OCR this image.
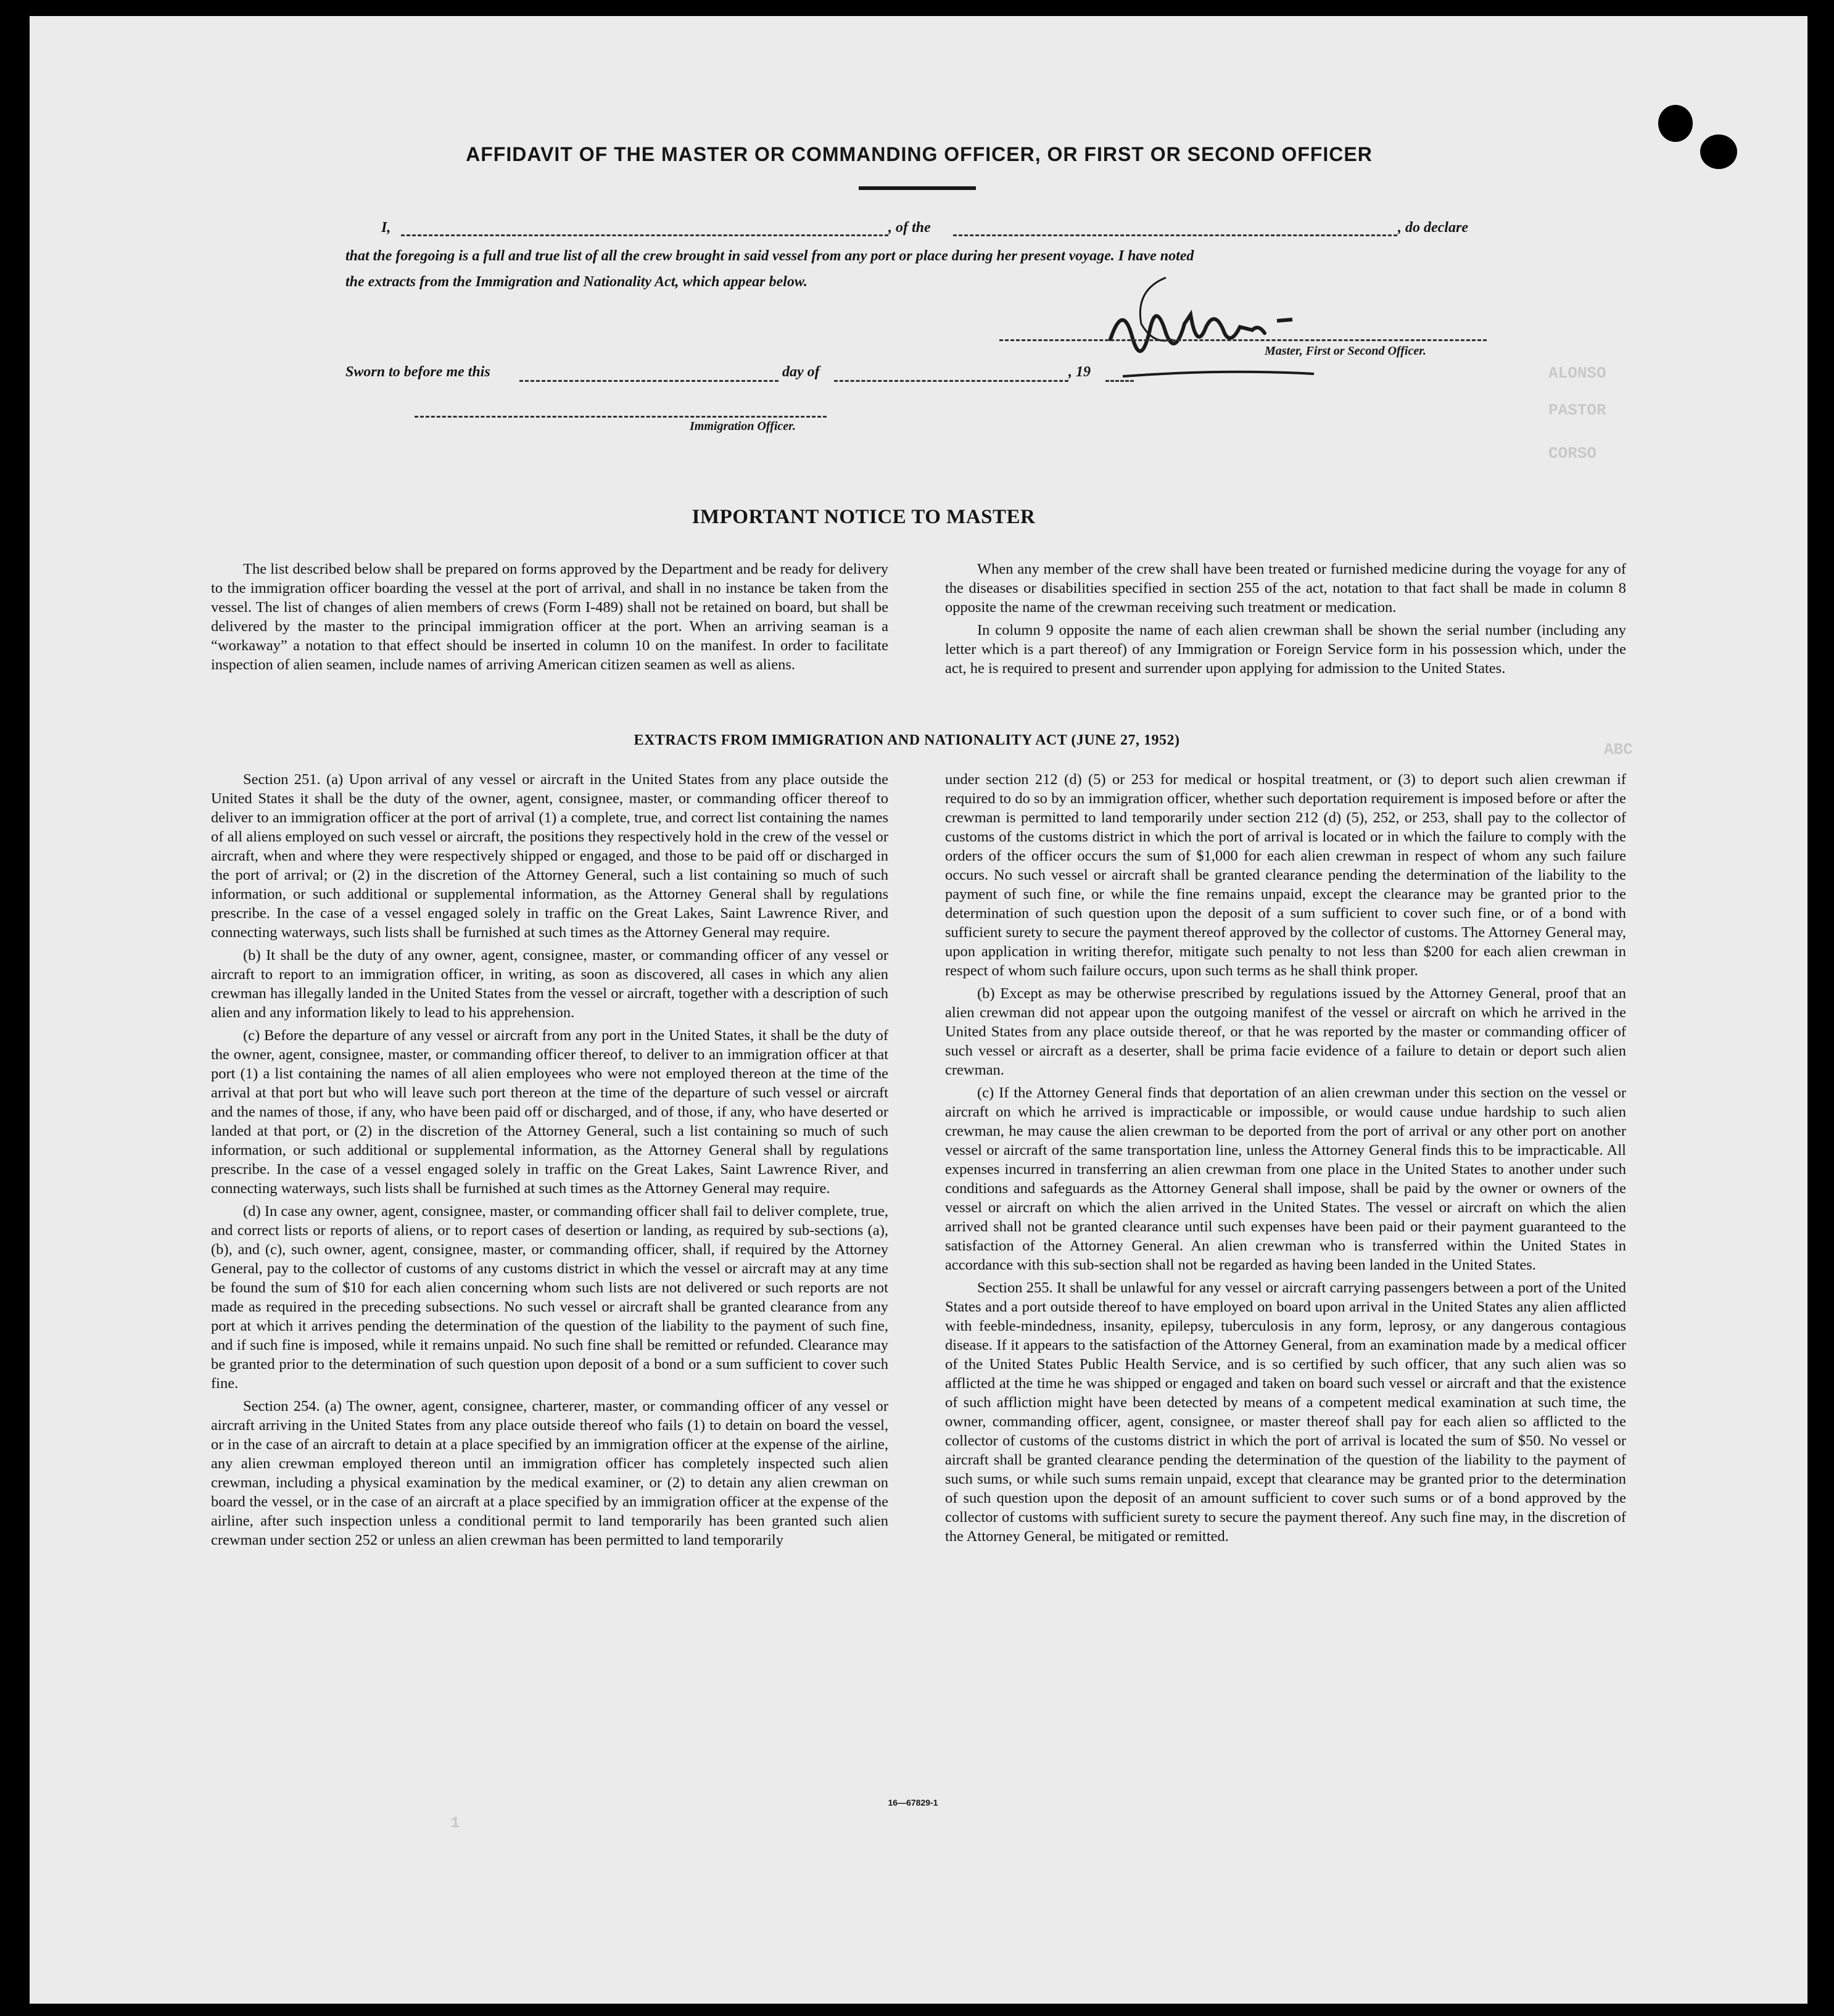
ALONSO
PASTOR
CORSO
ABC
1
AFFIDAVIT OF THE MASTER OR COMMANDING OFFICER, OR FIRST OR SECOND OFFICER
I,	, of the	, do declare
that the foregoing is a full and true list of all the crew brought in said vessel from any port or place during her present voyage. I have noted
the extracts from the Immigration and Nationality Act, which appear below.
Master, First or Second Officer.
Sworn to before me this	day of	, 19
Immigration Officer.
IMPORTANT NOTICE TO MASTER

The list described below shall be prepared on forms approved by the Department and be ready for delivery to the immigration officer boarding the vessel at the port of arrival, and shall in no instance be taken from the vessel. The list of changes of alien members of crews (Form I-489) shall not be retained on board, but shall be delivered by the master to the principal immigration officer at the port. When an arriving seaman is a “workaway” a notation to that effect should be inserted in column 10 on the manifest. In order to facilitate inspection of alien seamen, include names of arriving American citizen seamen as well as aliens.

When any member of the crew shall have been treated or furnished medicine during the voyage for any of the diseases or disabilities specified in section 255 of the act, notation to that fact shall be made in column 8 opposite the name of the crewman receiving such treatment or medication.

In column 9 opposite the name of each alien crewman shall be shown the serial number (including any letter which is a part thereof) of any Immigration or Foreign Service form in his possession which, under the act, he is required to present and surrender upon applying for admission to the United States.

EXTRACTS FROM IMMIGRATION AND NATIONALITY ACT (JUNE 27, 1952)

Section 251. (a) Upon arrival of any vessel or aircraft in the United States from any place outside the United States it shall be the duty of the owner, agent, consignee, master, or commanding officer thereof to deliver to an immigration officer at the port of arrival (1) a complete, true, and correct list containing the names of all aliens employed on such vessel or aircraft, the positions they respectively hold in the crew of the vessel or aircraft, when and where they were respectively shipped or engaged, and those to be paid off or discharged in the port of arrival; or (2) in the discretion of the Attorney General, such a list containing so much of such information, or such additional or supplemental information, as the Attorney General shall by regulations prescribe. In the case of a vessel engaged solely in traffic on the Great Lakes, Saint Lawrence River, and connecting waterways, such lists shall be furnished at such times as the Attorney General may require.

(b) It shall be the duty of any owner, agent, consignee, master, or commanding officer of any vessel or aircraft to report to an immigration officer, in writing, as soon as discovered, all cases in which any alien crewman has illegally landed in the United States from the vessel or aircraft, together with a description of such alien and any information likely to lead to his apprehension.

(c) Before the departure of any vessel or aircraft from any port in the United States, it shall be the duty of the owner, agent, consignee, master, or commanding officer thereof, to deliver to an immigration officer at that port (1) a list containing the names of all alien employees who were not employed thereon at the time of the arrival at that port but who will leave such port thereon at the time of the departure of such vessel or aircraft and the names of those, if any, who have been paid off or discharged, and of those, if any, who have deserted or landed at that port, or (2) in the discretion of the Attorney General, such a list containing so much of such information, or such additional or supplemental information, as the Attorney General shall by regulations prescribe. In the case of a vessel engaged solely in traffic on the Great Lakes, Saint Lawrence River, and connecting waterways, such lists shall be furnished at such times as the Attorney General may require.

(d) In case any owner, agent, consignee, master, or commanding officer shall fail to deliver complete, true, and correct lists or reports of aliens, or to report cases of desertion or landing, as required by sub-sections (a), (b), and (c), such owner, agent, consignee, master, or commanding officer, shall, if required by the Attorney General, pay to the collector of customs of any customs district in which the vessel or aircraft may at any time be found the sum of $10 for each alien concerning whom such lists are not delivered or such reports are not made as required in the preceding subsections. No such vessel or aircraft shall be granted clearance from any port at which it arrives pending the determination of the question of the liability to the payment of such fine, and if such fine is imposed, while it remains unpaid. No such fine shall be remitted or refunded. Clearance may be granted prior to the determination of such question upon deposit of a bond or a sum sufficient to cover such fine.

Section 254. (a) The owner, agent, consignee, charterer, master, or commanding officer of any vessel or aircraft arriving in the United States from any place outside thereof who fails (1) to detain on board the vessel, or in the case of an aircraft to detain at a place specified by an immigration officer at the expense of the airline, any alien crewman employed thereon until an immigration officer has completely inspected such alien crewman, including a physical examination by the medical examiner, or (2) to detain any alien crewman on board the vessel, or in the case of an aircraft at a place specified by an immigration officer at the expense of the airline, after such inspection unless a conditional permit to land temporarily has been granted such alien crewman under section 252 or unless an alien crewman has been permitted to land temporarily

under section 212 (d) (5) or 253 for medical or hospital treatment, or (3) to deport such alien crewman if required to do so by an immigration officer, whether such deportation requirement is imposed before or after the crewman is permitted to land temporarily under section 212 (d) (5), 252, or 253, shall pay to the collector of customs of the customs district in which the port of arrival is located or in which the failure to comply with the orders of the officer occurs the sum of $1,000 for each alien crewman in respect of whom any such failure occurs. No such vessel or aircraft shall be granted clearance pending the determination of the liability to the payment of such fine, or while the fine remains unpaid, except the clearance may be granted prior to the determination of such question upon the deposit of a sum sufficient to cover such fine, or of a bond with sufficient surety to secure the payment thereof approved by the collector of customs. The Attorney General may, upon application in writing therefor, mitigate such penalty to not less than $200 for each alien crewman in respect of whom such failure occurs, upon such terms as he shall think proper.

(b) Except as may be otherwise prescribed by regulations issued by the Attorney General, proof that an alien crewman did not appear upon the outgoing manifest of the vessel or aircraft on which he arrived in the United States from any place outside thereof, or that he was reported by the master or commanding officer of such vessel or aircraft as a deserter, shall be prima facie evidence of a failure to detain or deport such alien crewman.

(c) If the Attorney General finds that deportation of an alien crewman under this section on the vessel or aircraft on which he arrived is impracticable or impossible, or would cause undue hardship to such alien crewman, he may cause the alien crewman to be deported from the port of arrival or any other port on another vessel or aircraft of the same transportation line, unless the Attorney General finds this to be impracticable. All expenses incurred in transferring an alien crewman from one place in the United States to another under such conditions and safeguards as the Attorney General shall impose, shall be paid by the owner or owners of the vessel or aircraft on which the alien arrived in the United States. The vessel or aircraft on which the alien arrived shall not be granted clearance until such expenses have been paid or their payment guaranteed to the satisfaction of the Attorney General. An alien crewman who is transferred within the United States in accordance with this sub-section shall not be regarded as having been landed in the United States.

Section 255. It shall be unlawful for any vessel or aircraft carrying passengers between a port of the United States and a port outside thereof to have employed on board upon arrival in the United States any alien afflicted with feeble-mindedness, insanity, epilepsy, tuberculosis in any form, leprosy, or any dangerous contagious disease. If it appears to the satisfaction of the Attorney General, from an examination made by a medical officer of the United States Public Health Service, and is so certified by such officer, that any such alien was so afflicted at the time he was shipped or engaged and taken on board such vessel or aircraft and that the existence of such affliction might have been detected by means of a competent medical examination at such time, the owner, commanding officer, agent, consignee, or master thereof shall pay for each alien so afflicted to the collector of customs of the customs district in which the port of arrival is located the sum of $50. No vessel or aircraft shall be granted clearance pending the determination of the question of the liability to the payment of such sums, or while such sums remain unpaid, except that clearance may be granted prior to the determination of such question upon the deposit of an amount sufficient to cover such sums or of a bond approved by the collector of customs with sufficient surety to secure the payment thereof. Any such fine may, in the discretion of the Attorney General, be mitigated or remitted.

16—67829-1
